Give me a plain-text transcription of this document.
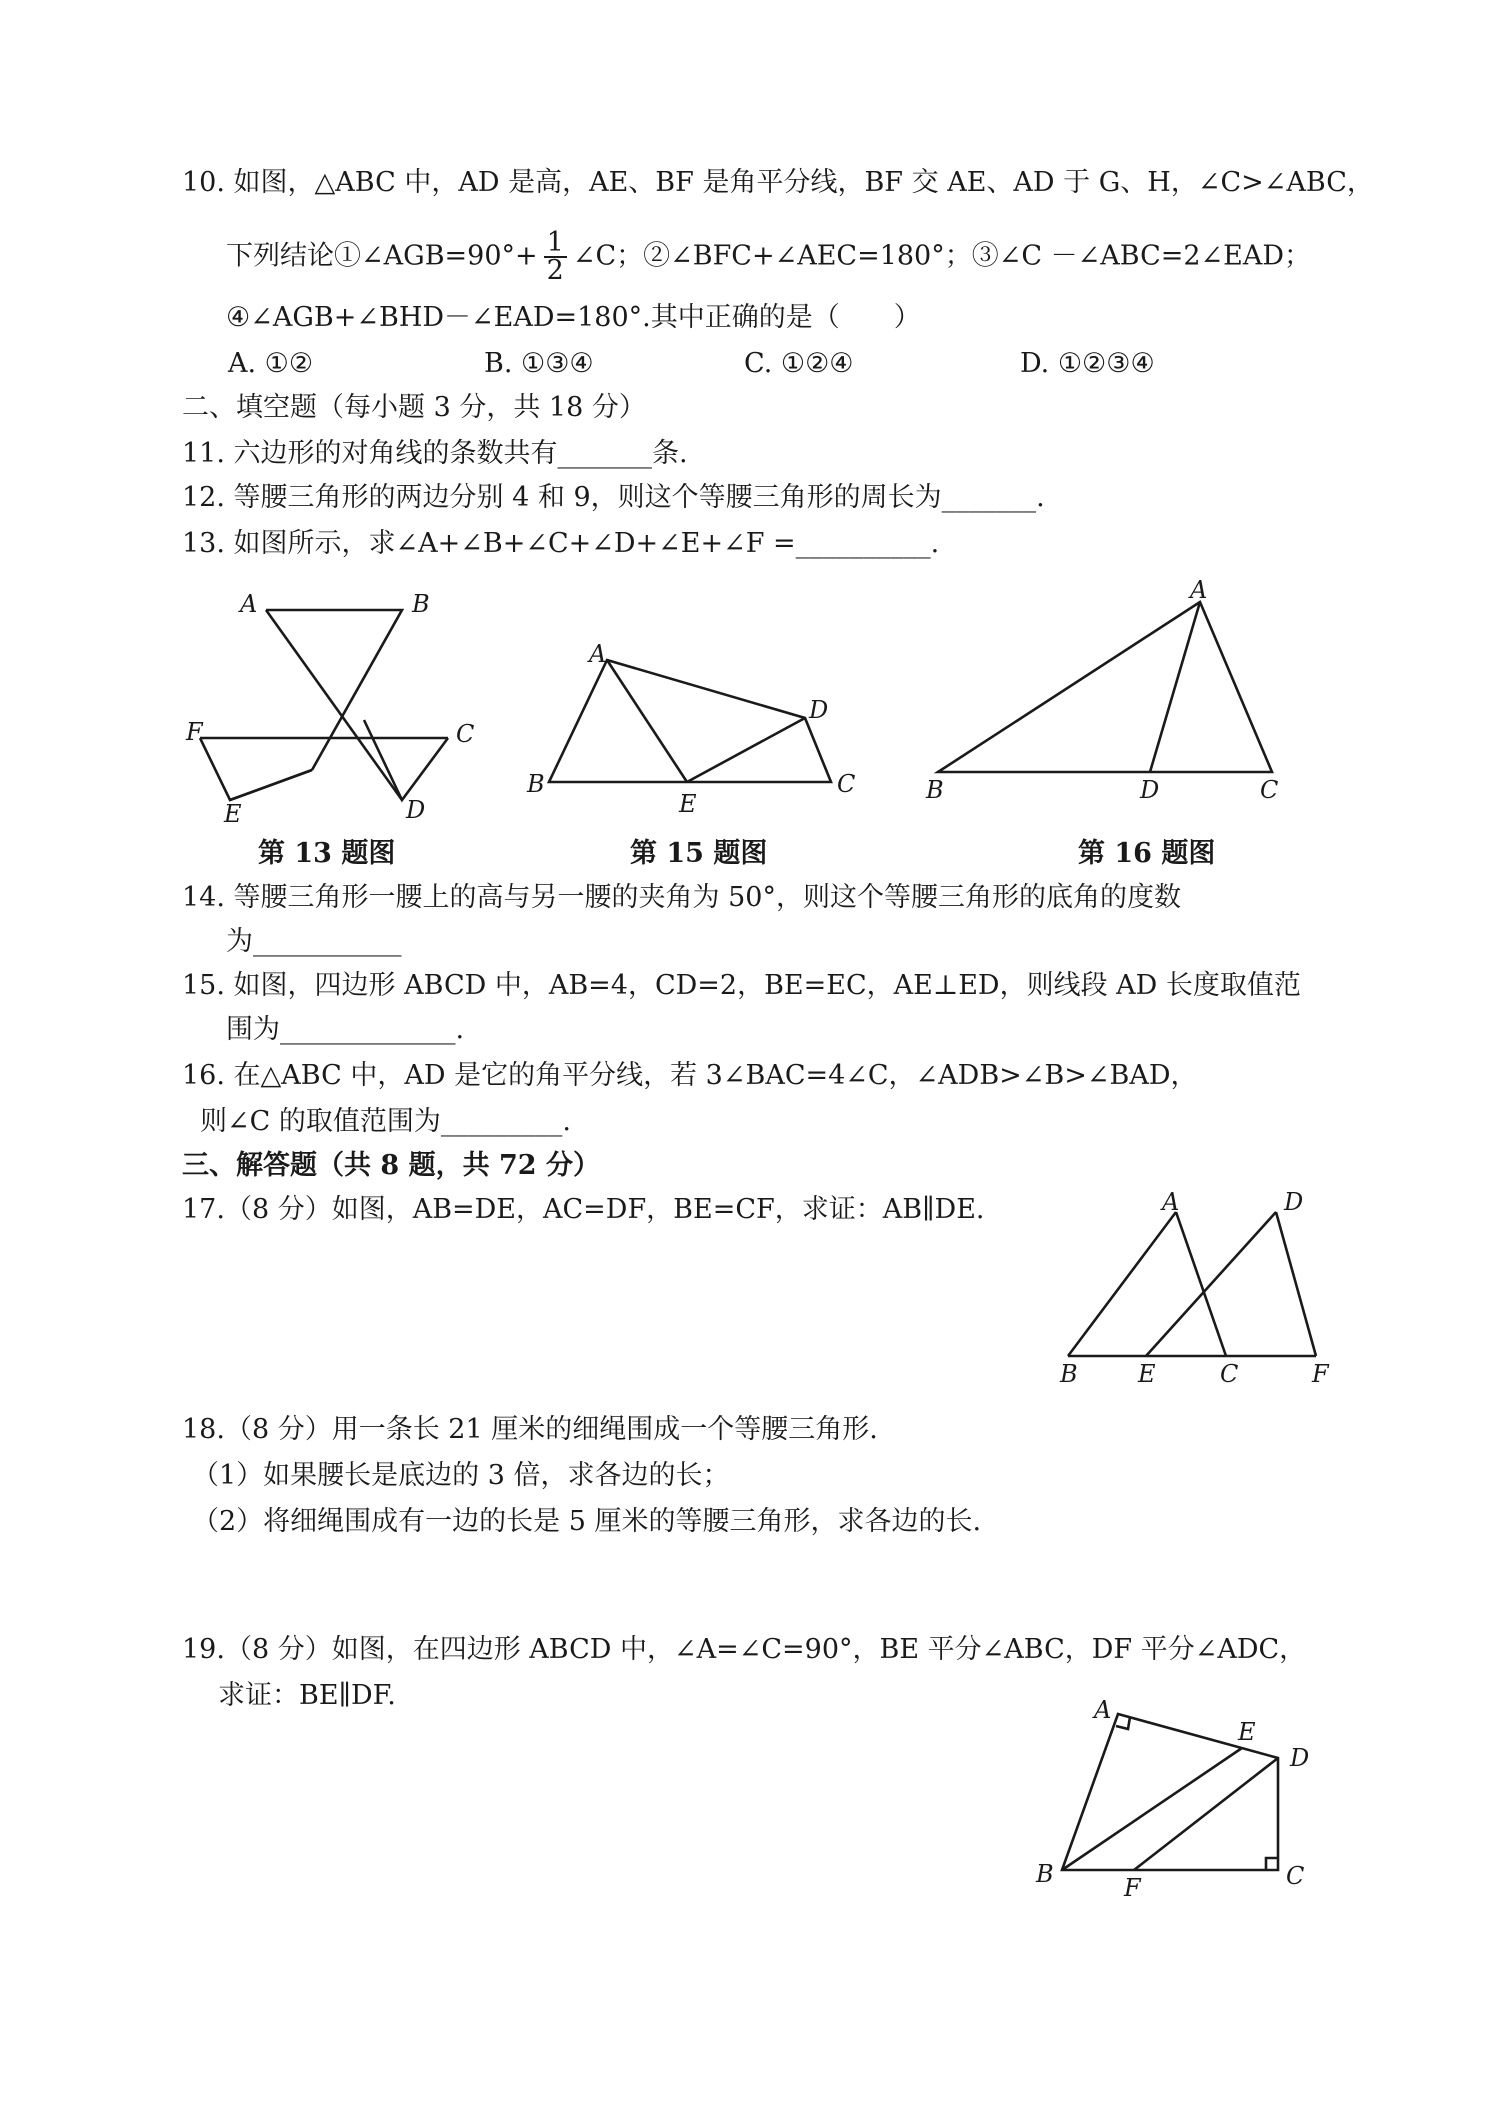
10. 如图，△ABC 中，AD 是高，AE、BF 是角平分线，BF 交 AE、AD 于 G、H，∠C>∠ABC，
下列结论①∠AGB=90°+ $\frac{1}{2}$ ∠C；②∠BFC+∠AEC=180°；③∠C －∠ABC=2∠EAD；
④∠AGB+∠BHD－∠EAD=180°.其中正确的是（　　）
A. ①②	B. ①③④	C. ①②④	D. ①②③④
二、填空题（每小题 3 分，共 18 分）
11. 六边形的对角线的条数共有_______条.
12. 等腰三角形的两边分别 4 和 9，则这个等腰三角形的周长为_______.
13. 如图所示，求∠A+∠B+∠C+∠D+∠E+∠F =__________.
A	B
F	C
E	D
A
D
B	C
E
A
B	D	C
第 13 题图	第 15 题图	第 16 题图
14. 等腰三角形一腰上的高与另一腰的夹角为 50°，则这个等腰三角形的底角的度数
为___________
15. 如图，四边形 ABCD 中，AB=4，CD=2，BE=EC，AE⊥ED，则线段 AD 长度取值范
围为_____________.
16. 在△ABC 中，AD 是它的角平分线，若 3∠BAC=4∠C，∠ADB>∠B>∠BAD，
则∠C 的取值范围为_________.
三、解答题（共 8 题，共 72 分）
17.（8 分）如图，AB=DE，AC=DF，BE=CF，求证：AB∥DE.	A	D
B	E	C	F
18.（8 分）用一条长 21 厘米的细绳围成一个等腰三角形.
（1）如果腰长是底边的 3 倍，求各边的长；
（2）将细绳围成有一边的长是 5 厘米的等腰三角形，求各边的长.
19.（8 分）如图，在四边形 ABCD 中，∠A=∠C=90°，BE 平分∠ABC，DF 平分∠ADC，
求证：BE∥DF.	A
E
D
B	F	C
